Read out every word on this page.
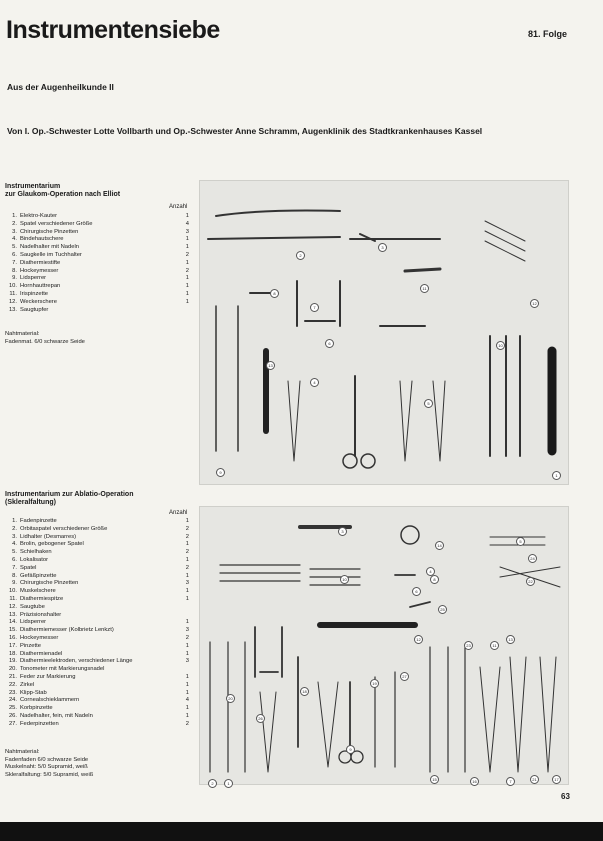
Instrumentensiebe	81. Folge
Aus der Augenheilkunde II
Von I. Op.-Schwester Lotte Vollbarth und Op.-Schwester Anne Schramm, Augenklinik des Stadtkrankenhauses Kassel
Instrumentarium
zur Glaukom-Operation nach Elliot
Anzahl
1. Elektro-Kauter	1
2. Spatel verschiedener Größe	4
3. Chirurgische Pinzetten	3
4. Bindehautschere	1
5. Nadelhalter mit Nadeln	1
6. Saugkelle im Tuchhalter	2
7. Diathermiestifte	1
8. Hockeymesser	2
9. Lidsperrer	1
10. Hornhauttrepan	1
11. Irispinzette	1
12. Weckerschere	1
13. Saugtupfer
Nahtmaterial:
Fadenmat. 6/0 schwarze Seide
Instrumentarium zur Ablatio-Operation
(Skleralfaltung)
Anzahl
1. Fadenpinzette	1
2. Orbitaspatel verschiedener Größe	2
3. Lidhalter (Desmarres)	2
4. Brolin, gebogener Spatel	1
5. Schielhaken	2
6. Lokalisator	1
7. Spatel	2
8. Gefäßpinzette	1
9. Chirurgische Pinzetten	3
10. Muskelschere	1
11. Diathermiespitze	1
12. Saugtube
13. Präzisionshalter
14. Lidsperrer	1
15. Diathermiemesser (Kolbrietz Lenkzt)	3
16. Hockeymesser	2
17. Pinzette	1
18. Diathermienadel	1
19. Diathermieelektroden, verschiedener Länge	3
20. Tonometer mit Markierungsnadel
21. Feder zur Markierung	1
22. Zirkel	1
23. Klipp-Stab	1
24. Cornealschieklammern	4
25. Korbpinzette	1
26. Nadelhalter, fein, mit Nadeln	1
27. Federpinzetten	2
Nahtmaterial:
Fadenfaden 6/0 schwarze Seide
Muskelnaht: 5/0 Supramid, weiß
Skleralfaltung: 5/0 Supramid, weiß
1
2
3
4
5
6
7
8
9
10
11
12
13
1
2
3
4
5
6
7
8
9
10
11
12	13
14
15	16	17
18
19
20
21
22
23
24
25
26
27
63
